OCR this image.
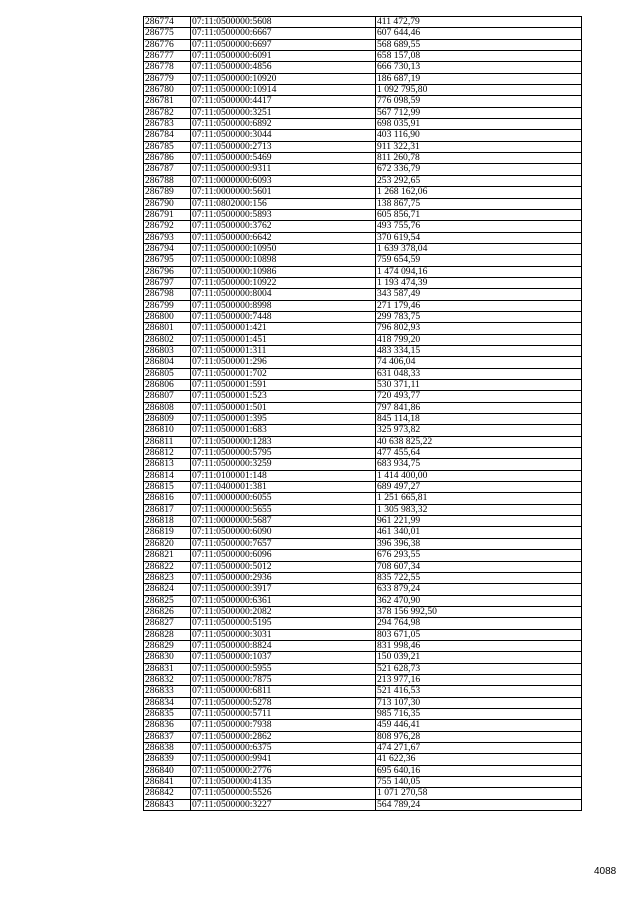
286774	07:11:0500000:5608	411 472,79
286775	07:11:0500000:6667	607 644,46
286776	07:11:0500000:6697	568 689,55
286777	07:11:0500000:6091	658 157,08
286778	07:11:0500000:4856	666 730,13
286779	07:11:0500000:10920	186 687,19
286780	07:11:0500000:10914	1 092 795,80
286781	07:11:0500000:4417	776 098,59
286782	07:11:0500000:3251	567 712,99
286783	07:11:0500000:6892	698 035,91
286784	07:11:0500000:3044	403 116,90
286785	07:11:0500000:2713	911 322,31
286786	07:11:0500000:5469	811 260,78
286787	07:11:0500000:9311	672 336,79
286788	07:11:0000000:6093	253 292,65
286789	07:11:0000000:5601	1 268 162,06
286790	07:11:0802000:156	138 867,75
286791	07:11:0500000:5893	605 856,71
286792	07:11:0500000:3762	493 755,76
286793	07:11:0500000:6642	370 619,54
286794	07:11:0500000:10950	1 639 378,04
286795	07:11:0500000:10898	759 654,59
286796	07:11:0500000:10986	1 474 094,16
286797	07:11:0500000:10922	1 193 474,39
286798	07:11:0500000:8004	343 587,49
286799	07:11:0500000:8998	271 179,46
286800	07:11:0500000:7448	299 783,75
286801	07:11:0500001:421	796 802,93
286802	07:11:0500001:451	418 799,20
286803	07:11:0500001:311	483 334,15
286804	07:11:0500001:296	74 406,04
286805	07:11:0500001:702	631 048,33
286806	07:11:0500001:591	530 371,11
286807	07:11:0500001:523	720 493,77
286808	07:11:0500001:501	797 841,86
286809	07:11:0500001:395	845 114,18
286810	07:11:0500001:683	325 973,82
286811	07:11:0500000:1283	40 638 825,22
286812	07:11:0500000:5795	477 455,64
286813	07:11:0500000:3259	683 934,75
286814	07:11:0100001:148	1 414 400,00
286815	07:11:0400001:381	689 497,27
286816	07:11:0000000:6055	1 251 665,81
286817	07:11:0000000:5655	1 305 983,32
286818	07:11:0000000:5687	961 221,99
286819	07:11:0500000:6090	461 340,01
286820	07:11:0500000:7657	396 396,38
286821	07:11:0500000:6096	676 293,55
286822	07:11:0500000:5012	708 607,34
286823	07:11:0500000:2936	835 722,55
286824	07:11:0500000:3917	633 879,24
286825	07:11:0500000:6361	362 470,90
286826	07:11:0500000:2082	378 156 992,50
286827	07:11:0500000:5195	294 764,98
286828	07:11:0500000:3031	803 671,05
286829	07:11:0500000:8824	831 998,46
286830	07:11:0500000:1037	150 039,21
286831	07:11:0500000:5955	521 628,73
286832	07:11:0500000:7875	213 977,16
286833	07:11:0500000:6811	521 416,53
286834	07:11:0500000:5278	713 107,30
286835	07:11:0500000:5711	985 716,35
286836	07:11:0500000:7938	459 446,41
286837	07:11:0500000:2862	808 976,28
286838	07:11:0500000:6375	474 271,67
286839	07:11:0500000:9941	41 622,36
286840	07:11:0500000:2776	695 640,16
286841	07:11:0500000:4135	755 140,05
286842	07:11:0500000:5526	1 071 270,58
286843	07:11:0500000:3227	564 789,24
4088
